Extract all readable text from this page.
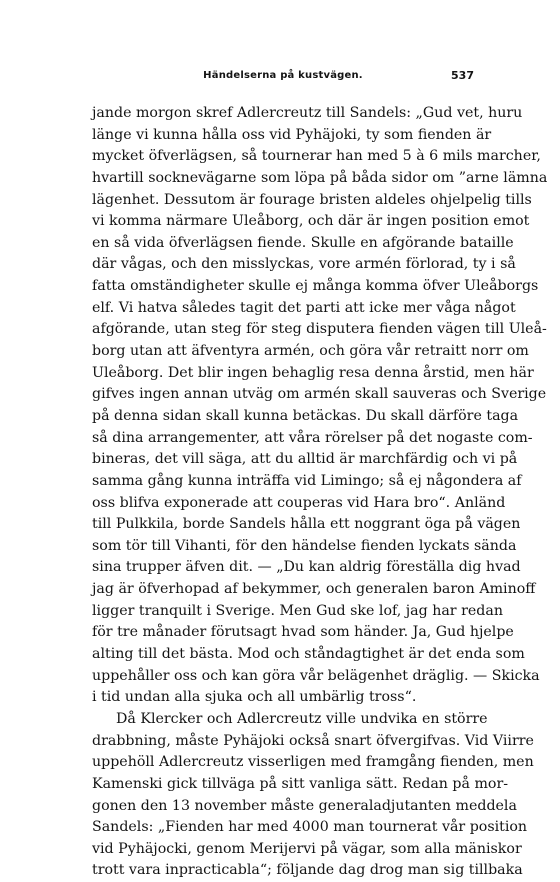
Händelserna på kustvägen.	537
jande morgon skref Adlercreutz till Sandels: „Gud vet, huru
länge vi kunna hålla oss vid Pyhäjoki, ty som fienden är
mycket öfverlägsen, så tournerar han med 5 à 6 mils marcher,
hvartill socknevägarne som löpa på båda sidor om ”arne lämna
lägenhet. Dessutom är fourage bristen aldeles ohjelpelig tills
vi komma närmare Uleåborg, och där är ingen position emot
en så vida öfverlägsen fiende. Skulle en afgörande bataille
där vågas, och den misslyckas, vore armén förlorad, ty i så
fatta omständigheter skulle ej många komma öfver Uleåborgs
elf. Vi hatva således tagit det parti att icke mer våga något
afgörande, utan steg för steg disputera fienden vägen till Uleå-
borg utan att äfventyra armén, och göra vår retraitt norr om
Uleåborg. Det blir ingen behaglig resa denna årstid, men här
gifves ingen annan utväg om armén skall sauveras och Sverige
på denna sidan skall kunna betäckas. Du skall därföre taga
så dina arrangementer, att våra rörelser på det nogaste com-
bineras, det vill säga, att du alltid är marchfärdig och vi på
samma gång kunna inträffa vid Limingo; så ej någondera af
oss blifva exponerade att couperas vid Hara bro“. Anländ
till Pulkkila, borde Sandels hålla ett noggrant öga på vägen
som tör till Vihanti, för den händelse fienden lyckats sända
sina trupper äfven dit. — „Du kan aldrig föreställa dig hvad
jag är öfverhopad af bekymmer, och generalen baron Aminoff
ligger tranquilt i Sverige. Men Gud ske lof, jag har redan
för tre månader förutsagt hvad som händer. Ja, Gud hjelpe
alting till det bästa. Mod och ståndagtighet är det enda som
uppehåller oss och kan göra vår belägenhet dräglig. — Skicka
i tid undan alla sjuka och all umbärlig tross“.
Då Klercker och Adlercreutz ville undvika en större
drabbning, måste Pyhäjoki också snart öfvergifvas. Vid Viirre
uppehöll Adlercreutz visserligen med framgång fienden, men
Kamenski gick tillväga på sitt vanliga sätt. Redan på mor-
gonen den 13 november måste generaladjutanten meddela
Sandels: „Fienden har med 4000 man tournerat vår position
vid Pyhäjocki, genom Merijervi på vägar, som alla mäniskor
trott vara inpracticabla“; följande dag drog man sig tillbaka
